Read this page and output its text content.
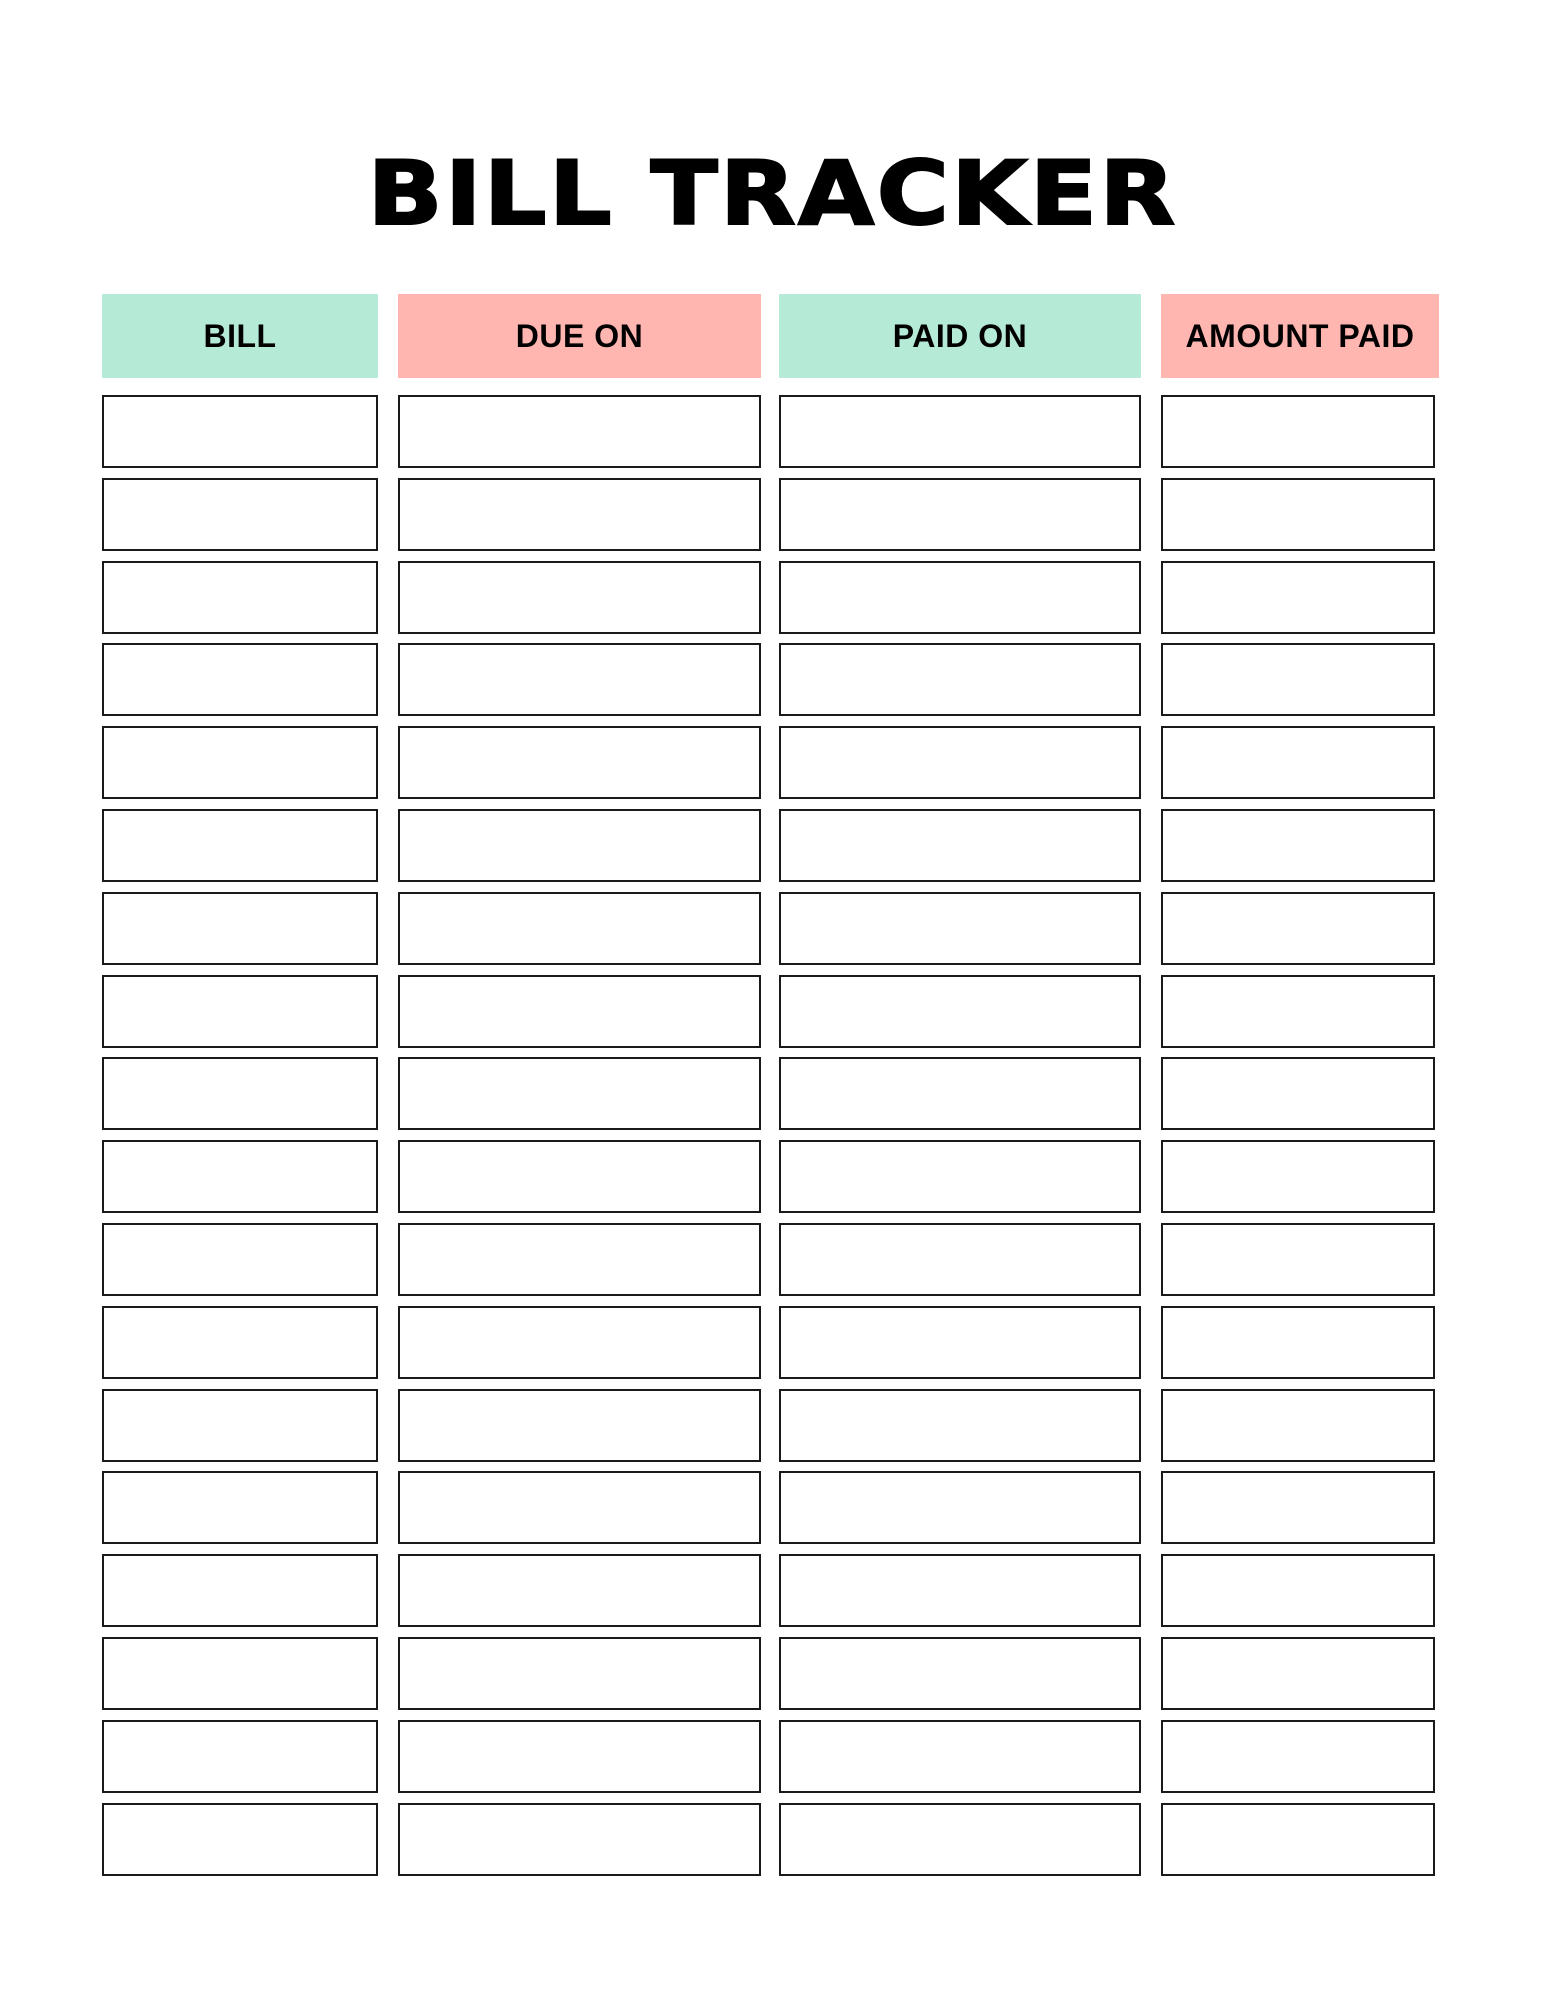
BILL TRACKER
BILL	DUE ON	PAID ON	AMOUNT PAID
